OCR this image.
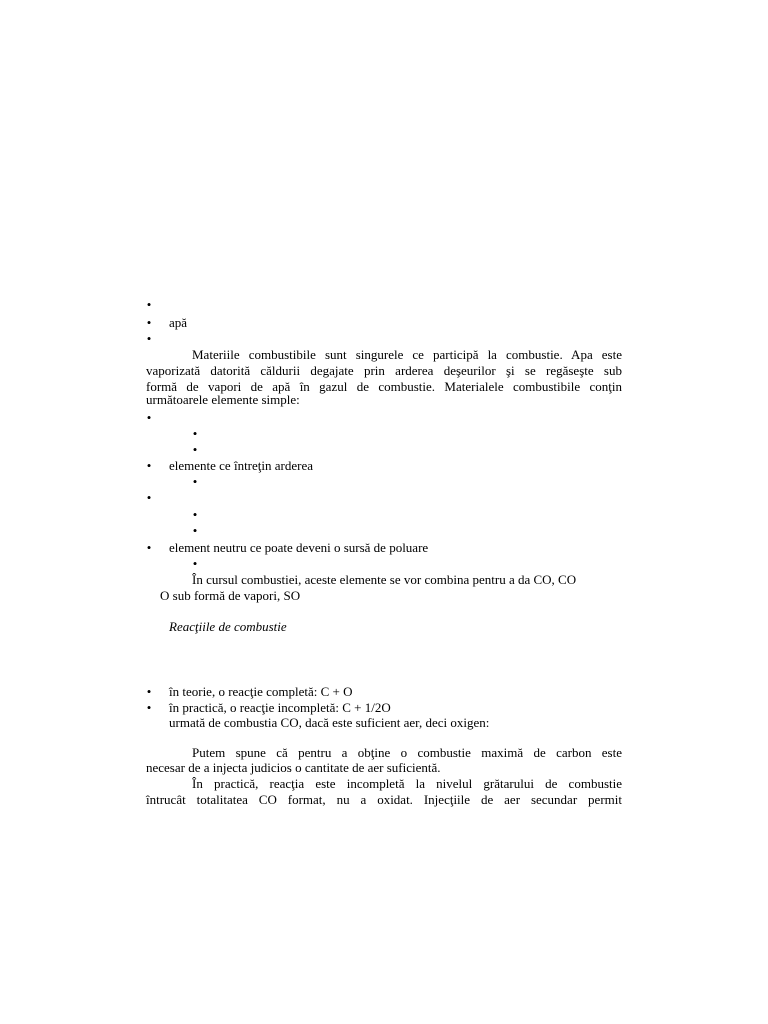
•
•	apă
•
Materiile combustibile sunt singurele ce participă la combustie. Apa este
vaporizată datorită căldurii degajate prin arderea deşeurilor şi se regăseşte sub
formă de vapori de apă în gazul de combustie. Materialele combustibile conţin
următoarele elemente simple:
•
•
•
•	elemente ce întreţin arderea
•
•
•
•
•	element neutru ce poate deveni o sursă de poluare
•
În cursul combustiei, aceste elemente se vor combina pentru a da CO, CO
O sub formă de vapori, SO
Reacţiile de combustie
•	în teorie, o reacţie completă: C + O
•	în practică, o reacţie incompletă: C + 1/2O
urmată de combustia CO, dacă este suficient aer, deci oxigen:
Putem spune că pentru a obţine o combustie maximă de carbon este
necesar de a injecta judicios o cantitate de aer suficientă.
În practică, reacţia este incompletă la nivelul grătarului de combustie
întrucât totalitatea CO format, nu a oxidat. Injecţiile de aer secundar permit
